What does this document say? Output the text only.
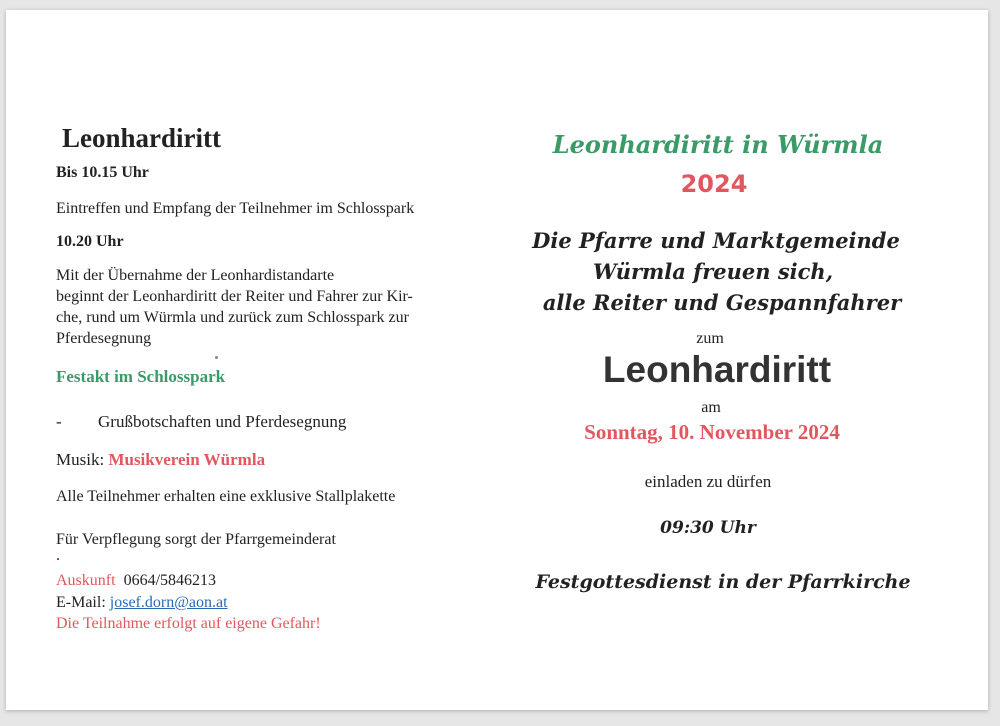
Leonhardiritt
Bis 10.15 Uhr
Eintreffen und Empfang der Teilnehmer im Schlosspark
10.20 Uhr
Mit der Übernahme der Leonhardistandarte
beginnt der Leonhardiritt der Reiter und Fahrer zur Kir-
che, rund um Würmla und zurück zum Schlosspark zur
Pferdesegnung
Festakt im Schlosspark
- Grußbotschaften und Pferdesegnung
Musik: Musikverein Würmla
Alle Teilnehmer erhalten eine exklusive Stallplakette
Für Verpflegung sorgt der Pfarrgemeinderat
.
Auskunft 0664/5846213
E-Mail: josef.dorn@aon.at
Die Teilnahme erfolgt auf eigene Gefahr!
Leonhardiritt in Würmla
2024
Die Pfarre und Marktgemeinde
Würmla freuen sich,
alle Reiter und Gespannfahrer
zum
Leonhardiritt
am
Sonntag, 10. November 2024
einladen zu dürfen
09:30 Uhr
Festgottesdienst in der Pfarrkirche
